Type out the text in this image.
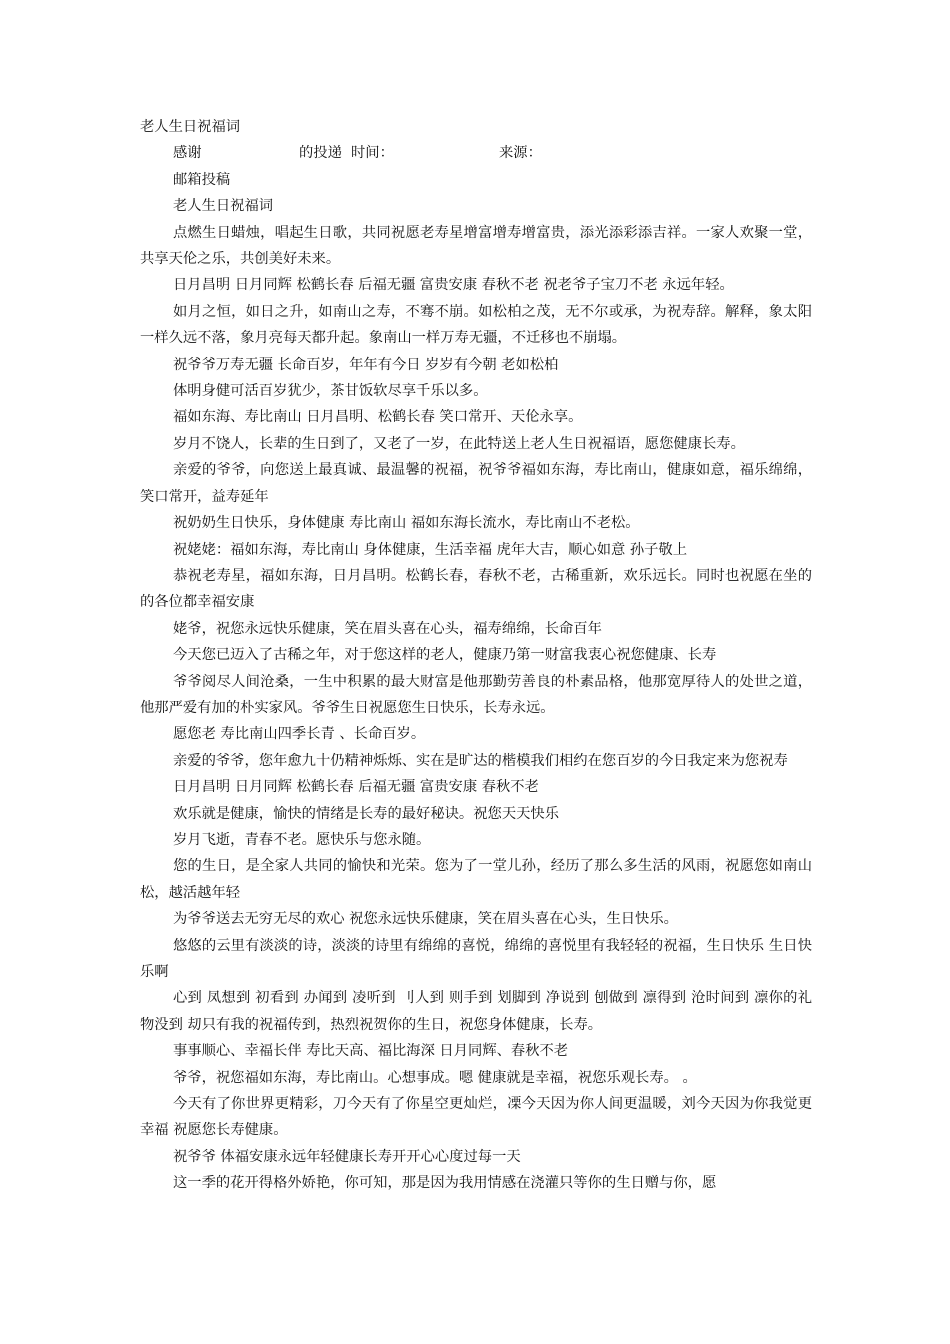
老人生日祝福词

感谢	的投递  时间：	来源：

邮箱投稿

老人生日祝福词

点燃生日蜡烛，唱起生日歌，共同祝愿老寿星增富增寿增富贵，添光添彩添吉祥。一家人欢聚一堂，共享天伦之乐，共创美好未来。

日月昌明 日月同辉 松鹤长春 后福无疆 富贵安康 春秋不老 祝老爷子宝刀不老 永远年轻。

如月之恒，如日之升，如南山之寿，不骞不崩。如松柏之茂，无不尔或承，为祝寿辞。解释，象太阳一样久远不落，象月亮每天都升起。象南山一样万寿无疆，不迁移也不崩塌。

祝爷爷万寿无疆 长命百岁，年年有今日 岁岁有今朝 老如松柏

体明身健可活百岁犹少，茶甘饭软尽享千乐以多。

福如东海、寿比南山 日月昌明、松鹤长春 笑口常开、天伦永享。

岁月不饶人，长辈的生日到了，又老了一岁，在此特送上老人生日祝福语，愿您健康长寿。

亲爱的爷爷，向您送上最真诚、最温馨的祝福，祝爷爷福如东海，寿比南山，健康如意，福乐绵绵，笑口常开，益寿延年

祝奶奶生日快乐，身体健康 寿比南山 福如东海长流水，寿比南山不老松。

祝姥姥：福如东海，寿比南山 身体健康，生活幸福 虎年大吉，顺心如意 孙子敬上

恭祝老寿星，福如东海，日月昌明。松鹤长春，春秋不老，古稀重新，欢乐远长。同时也祝愿在坐的的各位都幸福安康

姥爷，祝您永远快乐健康，笑在眉头喜在心头，福寿绵绵，长命百年

今天您已迈入了古稀之年，对于您这样的老人，健康乃第一财富我衷心祝您健康、长寿

爷爷阅尽人间沧桑，一生中积累的最大财富是他那勤劳善良的朴素品格，他那宽厚待人的处世之道，他那严爱有加的朴实家风。爷爷生日祝愿您生日快乐，长寿永远。

愿您老 寿比南山四季长青 、长命百岁。

亲爱的爷爷，您年愈九十仍精神烁烁、实在是旷达的楷模我们相约在您百岁的今日我定来为您祝寿

日月昌明 日月同辉 松鹤长春 后福无疆 富贵安康 春秋不老

欢乐就是健康，愉快的情绪是长寿的最好秘诀。祝您天天快乐

岁月飞逝，青春不老。愿快乐与您永随。

您的生日，是全家人共同的愉快和光荣。您为了一堂儿孙，经历了那么多生活的风雨，祝愿您如南山松，越活越年轻

为爷爷送去无穷无尽的欢心 祝您永远快乐健康，笑在眉头喜在心头，生日快乐。

悠悠的云里有淡淡的诗，淡淡的诗里有绵绵的喜悦，绵绵的喜悦里有我轻轻的祝福，生日快乐 生日快乐啊

心到 凤想到 初看到 办闻到 凌听到 刂人到 则手到 划脚到 净说到 刨做到 凛得到 沧时间到 凛你的礼物没到 刧只有我的祝福传到，热烈祝贺你的生日，祝您身体健康，长寿。

事事顺心、幸福长伴 寿比天高、福比海深 日月同辉、春秋不老

爷爷，祝您福如东海，寿比南山。心想事成。嗯 健康就是幸福，祝您乐观长寿。 。

今天有了你世界更精彩，刀今天有了你星空更灿烂，凓今天因为你人间更温暖，刘今天因为你我觉更幸福 祝愿您长寿健康。

祝爷爷 体福安康永远年轻健康长寿开开心心度过每一天

这一季的花开得格外娇艳，你可知，那是因为我用情感在浇灌只等你的生日赠与你，愿
